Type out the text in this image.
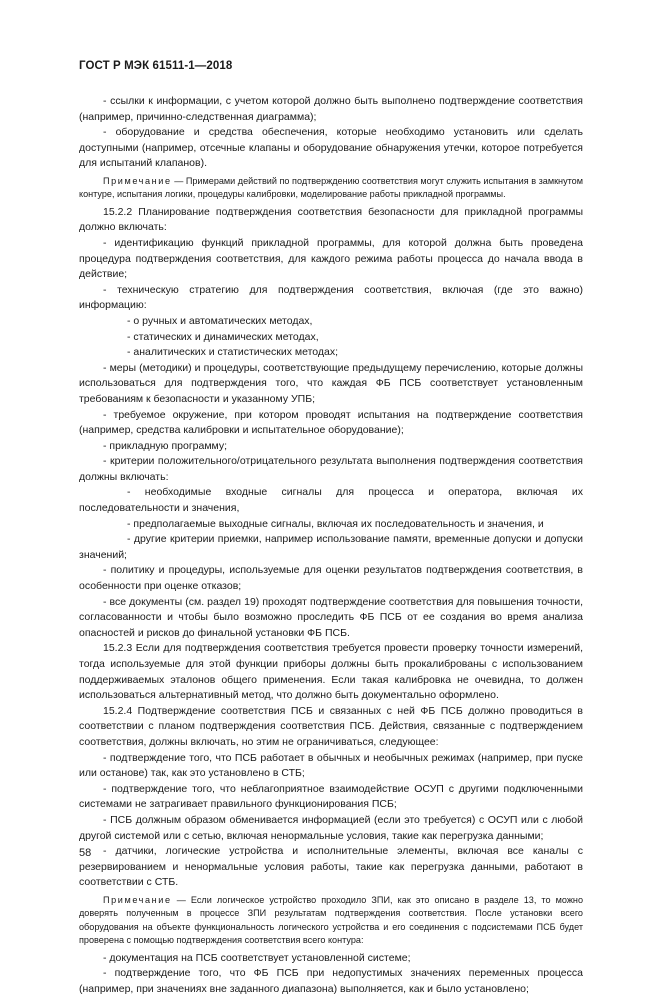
ГОСТ Р МЭК 61511-1—2018

- ссылки к информации, с учетом которой должно быть выполнено подтверждение соответствия (например, причинно-следственная диаграмма);

- оборудование и средства обеспечения, которые необходимо установить или сделать доступными (например, отсечные клапаны и оборудование обнаружения утечки, которое потребуется для испытаний клапанов).

Примечание — Примерами действий по подтверждению соответствия могут служить испытания в замкнутом контуре, испытания логики, процедуры калибровки, моделирование работы прикладной программы.

15.2.2 Планирование подтверждения соответствия безопасности для прикладной программы должно включать:

- идентификацию функций прикладной программы, для которой должна быть проведена процедура подтверждения соответствия, для каждого режима работы процесса до начала ввода в действие;

- техническую стратегию для подтверждения соответствия, включая (где это важно) информацию:

- о ручных и автоматических методах,

- статических и динамических методах,

- аналитических и статистических методах;

- меры (методики) и процедуры, соответствующие предыдущему перечислению, которые должны использоваться для подтверждения того, что каждая ФБ ПСБ соответствует установленным требованиям к безопасности и указанному УПБ;

- требуемое окружение, при котором проводят испытания на подтверждение соответствия (например, средства калибровки и испытательное оборудование);

- прикладную программу;

- критерии положительного/отрицательного результата выполнения подтверждения соответствия должны включать:

- необходимые входные сигналы для процесса и оператора, включая их последовательности и значения,

- предполагаемые выходные сигналы, включая их последовательность и значения, и

- другие критерии приемки, например использование памяти, временные допуски и допуски значений;

- политику и процедуры, используемые для оценки результатов подтверждения соответствия, в особенности при оценке отказов;

- все документы (см. раздел 19) проходят подтверждение соответствия для повышения точности, согласованности и чтобы было возможно проследить ФБ ПСБ от ее создания во время анализа опасностей и рисков до финальной установки ФБ ПСБ.

15.2.3 Если для подтверждения соответствия требуется провести проверку точности измерений, тогда используемые для этой функции приборы должны быть прокалиброваны с использованием поддерживаемых эталонов общего применения. Если такая калибровка не очевидна, то должен использоваться альтернативный метод, что должно быть документально оформлено.

15.2.4 Подтверждение соответствия ПСБ и связанных с ней ФБ ПСБ должно проводиться в соответствии с планом подтверждения соответствия ПСБ. Действия, связанные с подтверждением соответствия, должны включать, но этим не ограничиваться, следующее:

- подтверждение того, что ПСБ работает в обычных и необычных режимах (например, при пуске или останове) так, как это установлено в СТБ;

- подтверждение того, что неблагоприятное взаимодействие ОСУП с другими подключенными системами не затрагивает правильного функционирования ПСБ;

- ПСБ должным образом обменивается информацией (если это требуется) с ОСУП или с любой другой системой или с сетью, включая ненормальные условия, такие как перегрузка данными;

- датчики, логические устройства и исполнительные элементы, включая все каналы с резервированием и ненормальные условия работы, такие как перегрузка данными, работают в соответствии с СТБ.

Примечание — Если логическое устройство проходило ЗПИ, как это описано в разделе 13, то можно доверять полученным в процессе ЗПИ результатам подтверждения соответствия. После установки всего оборудования на объекте функциональность логического устройства и его соединения с подсистемами ПСБ будет проверена с помощью подтверждения соответствия всего контура:

- документация на ПСБ соответствует установленной системе;

- подтверждение того, что ФБ ПСБ при недопустимых значениях переменных процесса (например, при значениях вне заданного диапазона) выполняется, как и было установлено;

58
